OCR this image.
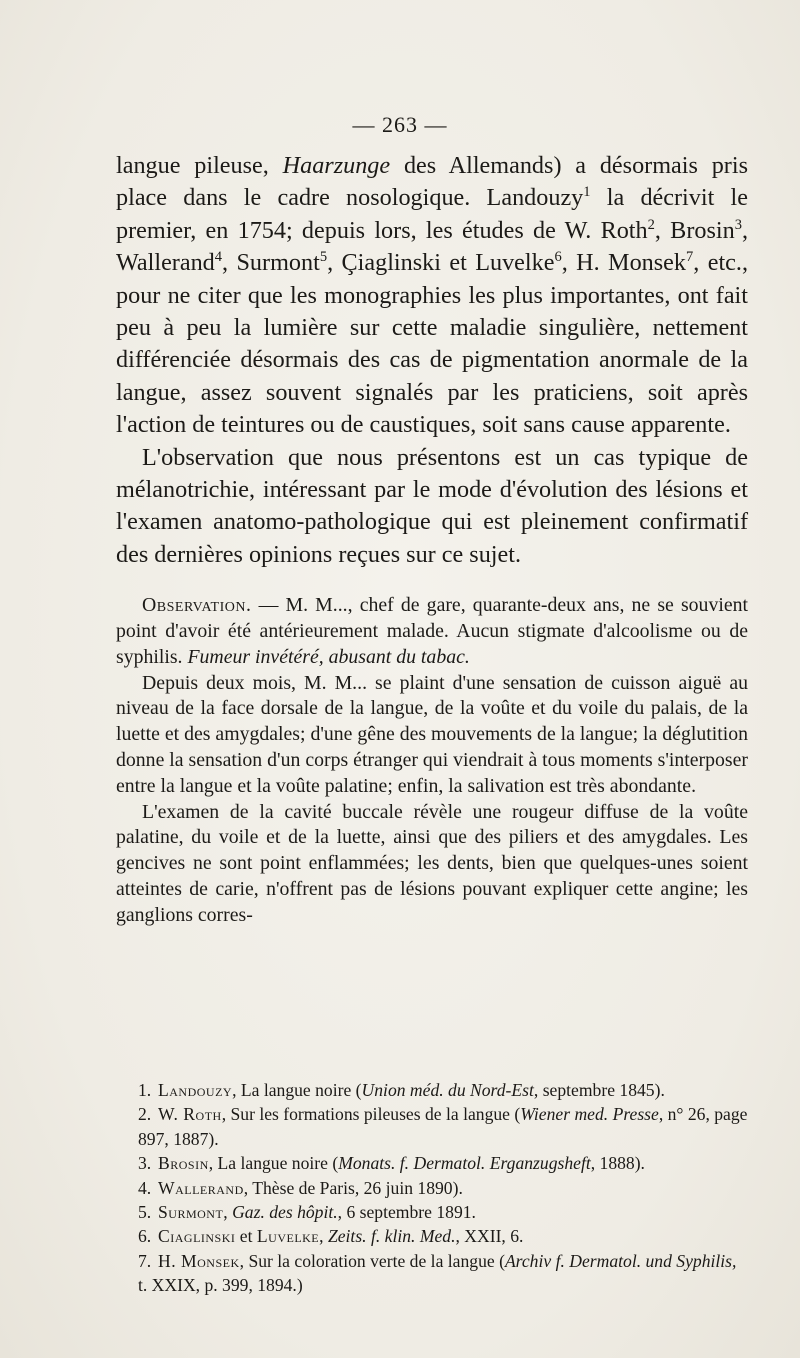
— 263 —

langue pileuse, Haarzunge des Allemands) a désormais pris place dans le cadre nosologique. Landouzy$^1$ la décrivit le premier, en 1754; depuis lors, les études de W. Roth$^2$, Brosin$^3$, Wallerand$^4$, Surmont$^5$, Çiaglinski et Luvelke$^6$, H. Monsek$^7$, etc., pour ne citer que les monographies les plus importantes, ont fait peu à peu la lumière sur cette maladie singulière, nettement différenciée désormais des cas de pigmentation anormale de la langue, assez souvent signalés par les praticiens, soit après l'action de teintures ou de caustiques, soit sans cause apparente.

L'observation que nous présentons est un cas typique de mélanotrichie, intéressant par le mode d'évolution des lésions et l'examen anatomo-pathologique qui est pleinement confirmatif des dernières opinions reçues sur ce sujet.

Observation. — M. M..., chef de gare, quarante-deux ans, ne se souvient point d'avoir été antérieurement malade. Aucun stigmate d'alcoolisme ou de syphilis. Fumeur invétéré, abusant du tabac.

Depuis deux mois, M. M... se plaint d'une sensation de cuisson aiguë au niveau de la face dorsale de la langue, de la voûte et du voile du palais, de la luette et des amygdales; d'une gêne des mouvements de la langue; la déglutition donne la sensation d'un corps étranger qui viendrait à tous moments s'interposer entre la langue et la voûte palatine; enfin, la salivation est très abondante.

L'examen de la cavité buccale révèle une rougeur diffuse de la voûte palatine, du voile et de la luette, ainsi que des piliers et des amygdales. Les gencives ne sont point enflammées; les dents, bien que quelques-unes soient atteintes de carie, n'offrent pas de lésions pouvant expliquer cette angine; les ganglions corres-

1. Landouzy, La langue noire (Union méd. du Nord-Est, septembre 1845).

2. W. Roth, Sur les formations pileuses de la langue (Wiener med. Presse, n° 26, page 897, 1887).

3. Brosin, La langue noire (Monats. f. Dermatol. Erganzugsheft, 1888).

4. Wallerand, Thèse de Paris, 26 juin 1890).

5. Surmont, Gaz. des hôpit., 6 septembre 1891.

6. Ciaglinski et Luvelke, Zeits. f. klin. Med., XXII, 6.

7. H. Monsek, Sur la coloration verte de la langue (Archiv f. Dermatol. und Syphilis, t. XXIX, p. 399, 1894.)
